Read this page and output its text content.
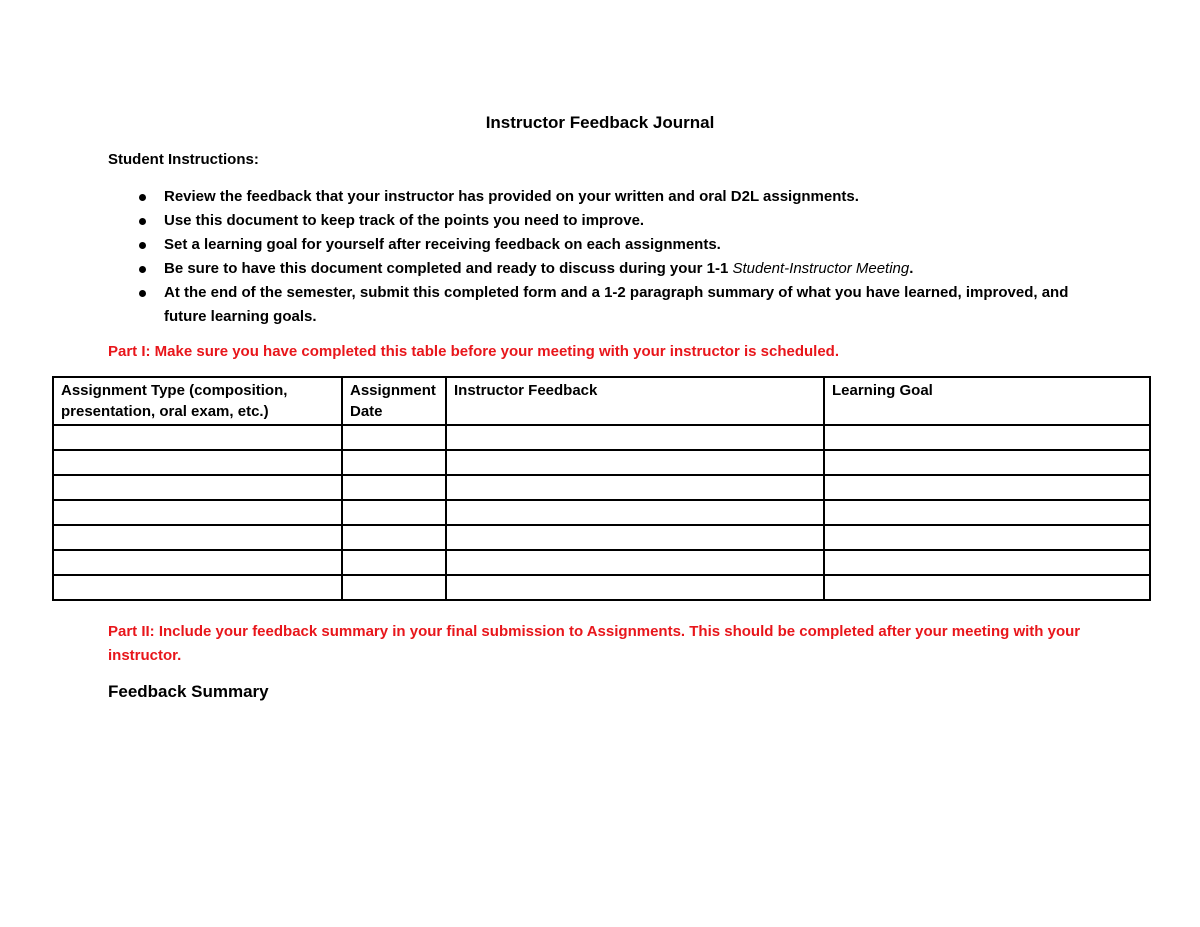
Instructor Feedback Journal
Student Instructions:
Review the feedback that your instructor has provided on your written and oral D2L assignments.
Use this document to keep track of the points you need to improve.
Set a learning goal for yourself after receiving feedback on each assignments.
Be sure to have this document completed and ready to discuss during your 1-1 Student-Instructor Meeting.
At the end of the semester, submit this completed form and a 1-2 paragraph summary of what you have learned, improved, and future learning goals.
Part I: Make sure you have completed this table before your meeting with your instructor is scheduled.
Assignment Type (composition, presentation, oral exam, etc.)	Assignment Date	Instructor Feedback	Learning Goal

Part II: Include your feedback summary in your final submission to Assignments. This should be completed after your meeting with your instructor.
Feedback Summary
